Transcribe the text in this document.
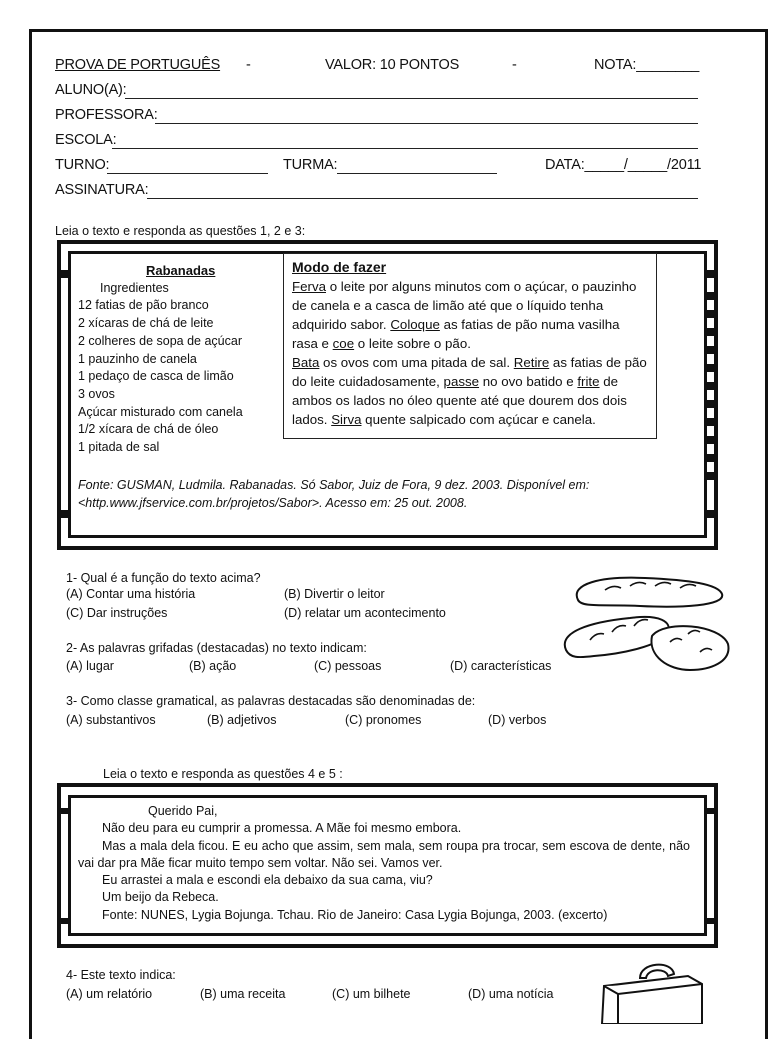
PROVA DE PORTUGUÊS -	VALOR: 10 PONTOS	-	NOTA:________
ALUNO(A):
PROFESSORA:
ESCOLA:
TURNO:	TURMA:	DATA:_____/_____/2011
ASSINATURA:
Leia o texto e responda as questões 1, 2 e 3:
Rabanadas
Ingredientes
12 fatias de pão branco
2 xícaras de chá de leite
2 colheres de sopa de açúcar
1 pauzinho de canela
1 pedaço de casca de limão
3 ovos
Açúcar misturado com canela
1/2 xícara de chá de óleo
1 pitada de sal
Modo de fazer
Ferva o leite por alguns minutos com o açúcar, o pauzinho de canela e a casca de limão até que o líquido tenha adquirido sabor. Coloque as fatias de pão numa vasilha rasa e coe o leite sobre o pão.
Bata os ovos com uma pitada de sal. Retire as fatias de pão do leite cuidadosamente, passe no ovo batido e frite de ambos os lados no óleo quente até que dourem dos dois lados. Sirva quente salpicado com açúcar e canela.
Fonte: GUSMAN, Ludmila. Rabanadas. Só Sabor, Juiz de Fora, 9 dez. 2003. Disponível em:<http.www.jfservice.com.br/projetos/Sabor>. Acesso em: 25 out. 2008.
1- Qual é a função do texto acima?
(A) Contar uma história	(B) Divertir o leitor
(C) Dar instruções	(D) relatar um acontecimento
2- As palavras grifadas (destacadas) no texto indicam:
(A) lugar	(B) ação	(C) pessoas	(D) características
3- Como classe gramatical, as palavras destacadas são denominadas de:
(A) substantivos	(B) adjetivos	(C) pronomes	(D) verbos
Leia o texto e responda as questões 4 e 5 :

Querido Pai,

Não deu para eu cumprir a promessa. A Mãe foi mesmo embora.

Mas a mala dela ficou. E eu acho que assim, sem mala, sem roupa pra trocar, sem escova de dente, não vai dar pra Mãe ficar muito tempo sem voltar. Não sei. Vamos ver.

Eu arrastei a mala e escondi ela debaixo da sua cama, viu?

Um beijo da Rebeca.

Fonte: NUNES, Lygia Bojunga. Tchau. Rio de Janeiro: Casa Lygia Bojunga, 2003. (excerto)

4- Este texto indica:
(A) um relatório	(B) uma receita	(C) um bilhete	(D) uma notícia
